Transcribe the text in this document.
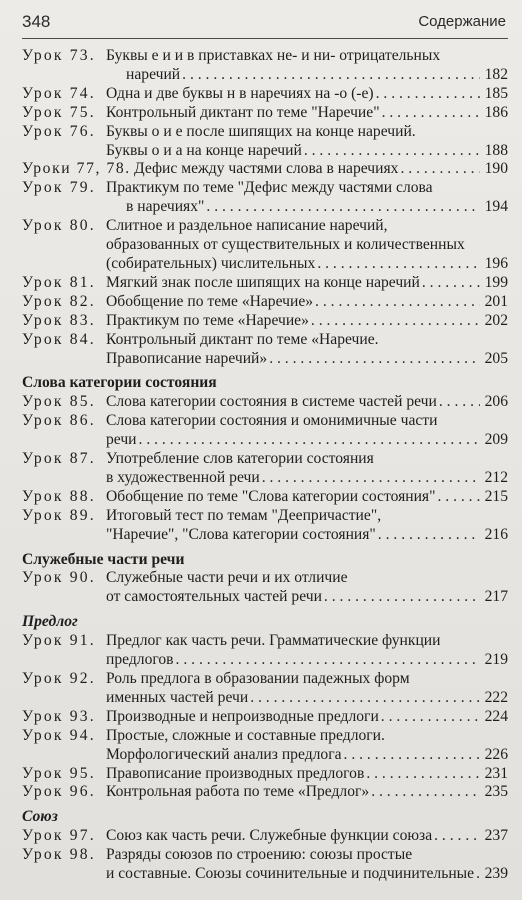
348	Содержание
Урок 73. Буквы е и и в приставках не- и ни- отрицательных
наречий . . .	182
Урок 74. Одна и две буквы н в наречиях на -о (-е) . . .	185
Урок 75. Контрольный диктант по теме "Наречие" . . .	186
Урок 76. Буквы о и е после шипящих на конце наречий.
Буквы о и а на конце наречий . . .	188
Уроки 77, 78. Дефис между частями слова в наречиях . . .	190
Урок 79. Практикум по теме "Дефис между частями слова
в наречиях" . . .	194
Урок 80. Слитное и раздельное написание наречий,
образованных от существительных и количественных
(собирательных) числительных . . .	196
Урок 81. Мягкий знак после шипящих на конце наречий . . .	199
Урок 82. Обобщение по теме «Наречие» . . .	201
Урок 83. Практикум по теме «Наречие» . . .	202
Урок 84. Контрольный диктант по теме «Наречие.
Правописание наречий» . . .	205
Слова категории состояния
Урок 85. Слова категории состояния в системе частей речи . . .	206
Урок 86. Слова категории состояния и омонимичные части
речи . . .	209
Урок 87. Употребление слов категории состояния
в художественной речи . . .	212
Урок 88. Обобщение по теме "Слова категории состояния" . . .	215
Урок 89. Итоговый тест по темам "Деепричастие",
"Наречие", "Слова категории состояния" . . .	216
Служебные части речи
Урок 90. Служебные части речи и их отличие
от самостоятельных частей речи . . .	217
Предлог
Урок 91. Предлог как часть речи. Грамматические функции
предлогов . . .	219
Урок 92. Роль предлога в образовании падежных форм
именных частей речи . . .	222
Урок 93. Производные и непроизводные предлоги . . .	224
Урок 94. Простые, сложные и составные предлоги.
Морфологический анализ предлога . . .	226
Урок 95. Правописание производных предлогов . . .	231
Урок 96. Контрольная работа по теме «Предлог» . . .	235
Союз
Урок 97. Союз как часть речи. Служебные функции союза . . .	237
Урок 98. Разряды союзов по строению: союзы простые
и составные. Союзы сочинительные и подчинительные . . . 239
